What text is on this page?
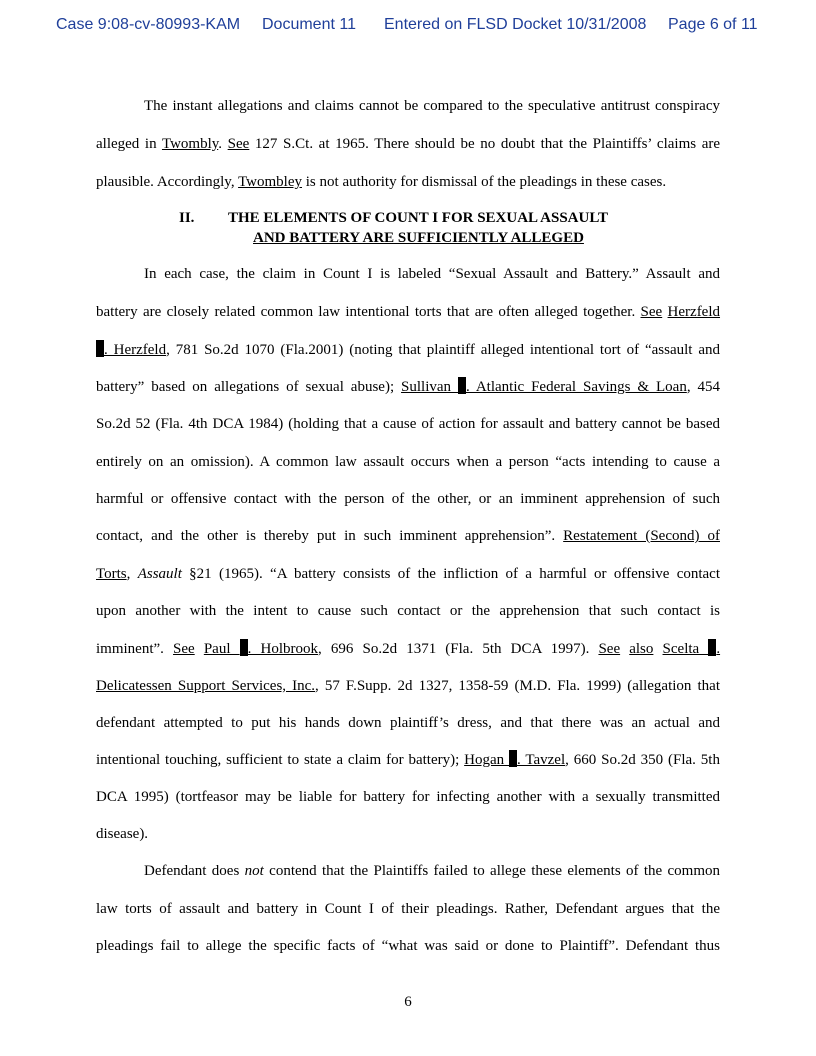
Case 9:08-cv-80993-KAM Document 11 Entered on FLSD Docket 10/31/2008 Page 6 of 11
The instant allegations and claims cannot be compared to the speculative antitrust conspiracy
alleged in Twombly. See 127 S.Ct. at 1965. There should be no doubt that the Plaintiffs’ claims are
plausible. Accordingly, Twombley is not authority for dismissal of the pleadings in these cases.
II. THE ELEMENTS OF COUNT I FOR SEXUAL ASSAULT
AND BATTERY ARE SUFFICIENTLY ALLEGED
In each case, the claim in Count I is labeled “Sexual Assault and Battery.” Assault and
battery are closely related common law intentional torts that are often alleged together. See Herzfeld
. Herzfeld, 781 So.2d 1070 (Fla.2001) (noting that plaintiff alleged intentional tort of “assault and
battery” based on allegations of sexual abuse); Sullivan . Atlantic Federal Savings & Loan, 454
So.2d 52 (Fla. 4th DCA 1984) (holding that a cause of action for assault and battery cannot be based
entirely on an omission). A common law assault occurs when a person “acts intending to cause a
harmful or offensive contact with the person of the other, or an imminent apprehension of such
contact, and the other is thereby put in such imminent apprehension”. Restatement (Second) of
Torts, Assault §21 (1965). “A battery consists of the infliction of a harmful or offensive contact
upon another with the intent to cause such contact or the apprehension that such contact is
imminent”. See Paul . Holbrook, 696 So.2d 1371 (Fla. 5th DCA 1997). See also Scelta .
Delicatessen Support Services, Inc., 57 F.Supp. 2d 1327, 1358-59 (M.D. Fla. 1999) (allegation that
defendant attempted to put his hands down plaintiff’s dress, and that there was an actual and
intentional touching, sufficient to state a claim for battery); Hogan . Tavzel, 660 So.2d 350 (Fla. 5th
DCA 1995) (tortfeasor may be liable for battery for infecting another with a sexually transmitted
disease).
Defendant does not contend that the Plaintiffs failed to allege these elements of the common
law torts of assault and battery in Count I of their pleadings. Rather, Defendant argues that the
pleadings fail to allege the specific facts of “what was said or done to Plaintiff”. Defendant thus
6
